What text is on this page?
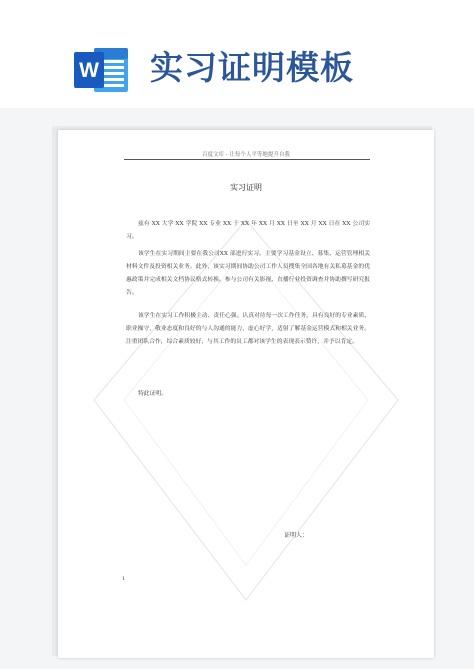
W 实习证明模板
百度文库 - 让每个人平等地提升自我
实习证明

兹有 XX 大学 XX 学院 XX 专业 XX 于 XX 年 XX 月 XX 日至 XX 月 XX 日在 XX 公司实习。

该学生在实习期间主要在我公司XX 部进行实习。主要学习基金设立、募集、运营管理相关材料文件及投资相关业务。此外，该实习期间协助公司工作人员搜集全国各地有关私募基金的优惠政策并完成相关文档协议格式转换。参与公司有关影视、直播行业投资调查并协助撰写研究报告。

该学生在实习工作积极主动、责任心强。认真对待每一次工作任务。具有良好的专业素质、职业操守，敬业态度和良好的与人沟通的能力，虚心好学，适射了解基金运营模式和相关业务。注重团队合作，综合素质较好，与其工作的员工都对该学生的表现表示赞许，并予以肯定。

特此证明。
证明人：
1
